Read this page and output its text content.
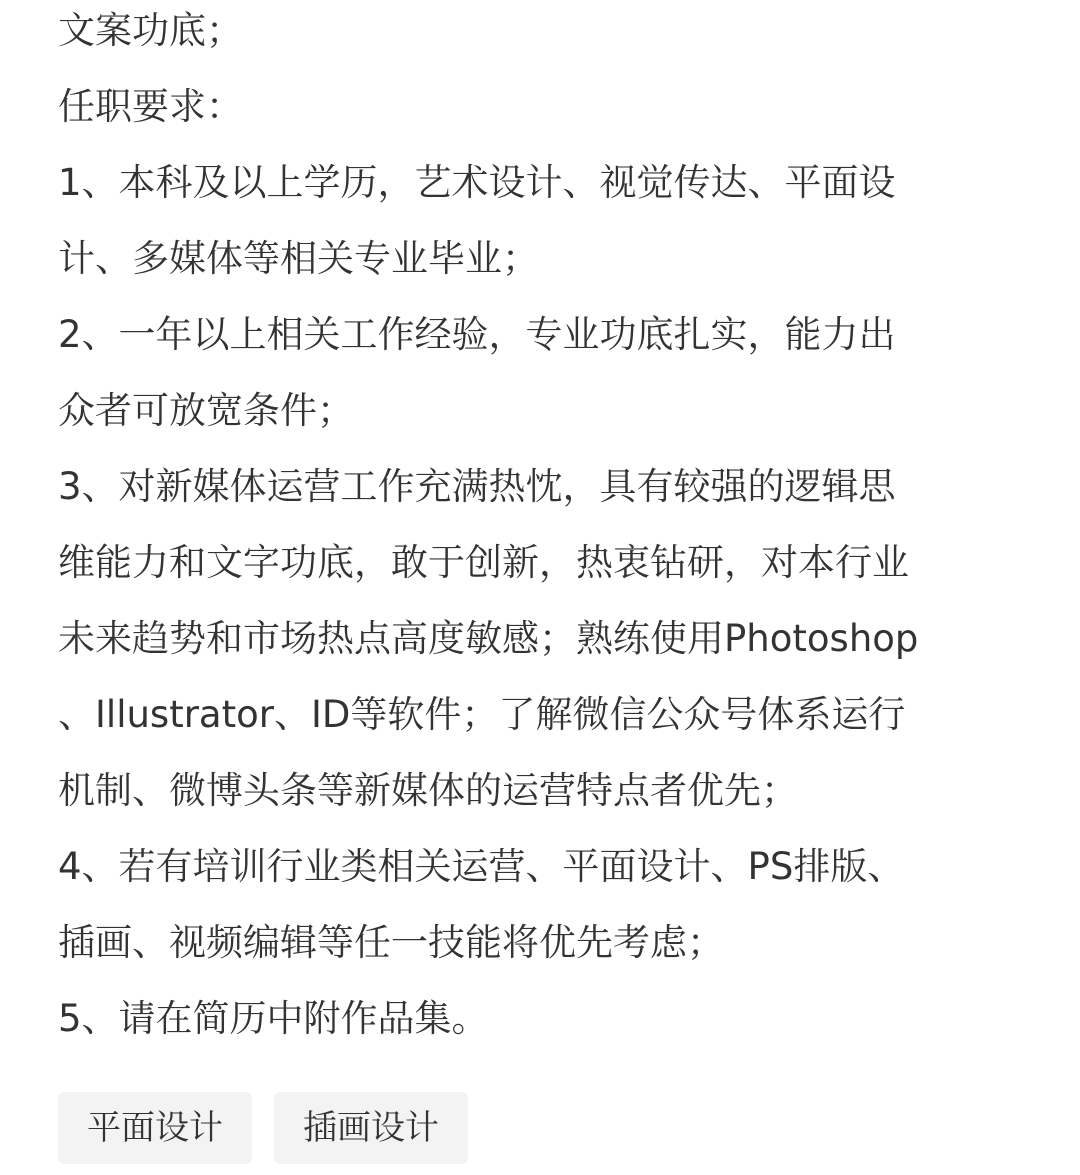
文案功底；
任职要求：
1、本科及以上学历，艺术设计、视觉传达、平面设
计、多媒体等相关专业毕业；
2、一年以上相关工作经验，专业功底扎实，能力出
众者可放宽条件；
3、对新媒体运营工作充满热忱，具有较强的逻辑思
维能力和文字功底，敢于创新，热衷钻研，对本行业
未来趋势和市场热点高度敏感；熟练使用Photoshop
、Illustrator、ID等软件；了解微信公众号体系运行
机制、微博头条等新媒体的运营特点者优先；
4、若有培训行业类相关运营、平面设计、PS排版、
插画、视频编辑等任一技能将优先考虑；
5、请在简历中附作品集。
平面设计	插画设计
